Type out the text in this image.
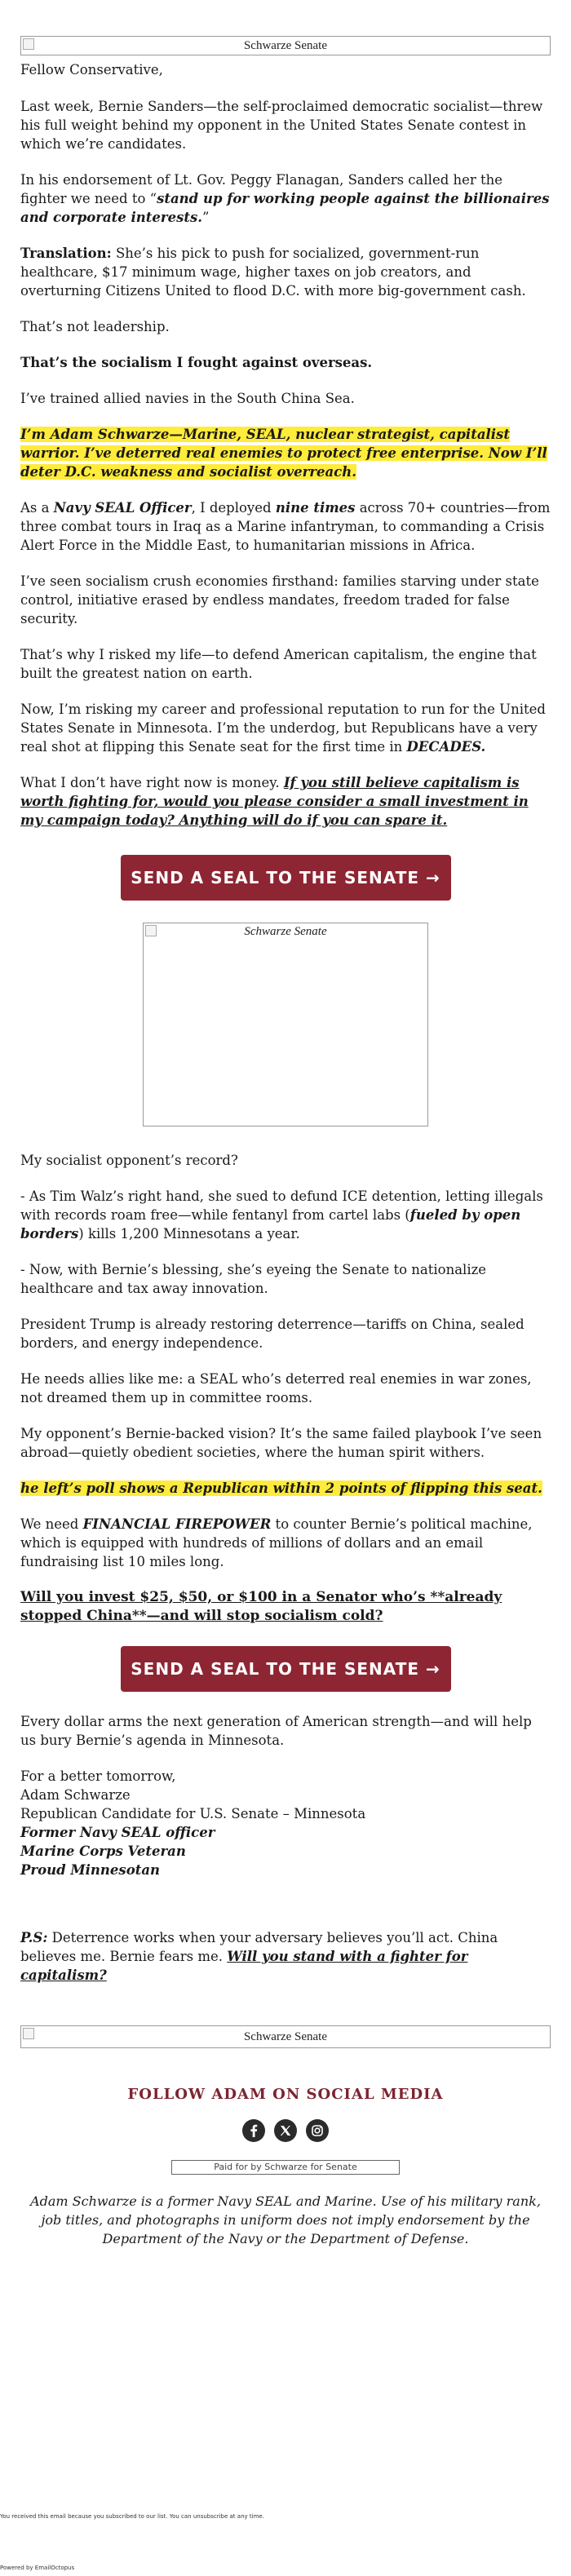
Schwarze Senate

Fellow Conservative,

Last week, Bernie Sanders—the self-proclaimed democratic socialist—threw his full weight behind my opponent in the United States Senate contest in which we’re candidates.

In his endorsement of Lt. Gov. Peggy Flanagan, Sanders called her the fighter we need to “stand up for working people against the billionaires and corporate interests.”

Translation: She’s his pick to push for socialized, government-run healthcare, $17 minimum wage, higher taxes on job creators, and overturning Citizens United to flood D.C. with more big-government cash.

That’s not leadership.

That’s the socialism I fought against overseas.

I’ve trained allied navies in the South China Sea.

I’m Adam Schwarze—Marine, SEAL, nuclear strategist, capitalist warrior. I’ve deterred real enemies to protect free enterprise. Now I’ll deter D.C. weakness and socialist overreach.

As a Navy SEAL Officer, I deployed nine times across 70+ countries—from three combat tours in Iraq as a Marine infantryman, to commanding a Crisis Alert Force in the Middle East, to humanitarian missions in Africa.

I’ve seen socialism crush economies firsthand: families starving under state control, initiative erased by endless mandates, freedom traded for false security.

That’s why I risked my life—to defend American capitalism, the engine that built the greatest nation on earth.

Now, I’m risking my career and professional reputation to run for the United States Senate in Minnesota. I’m the underdog, but Republicans have a very real shot at flipping this Senate seat for the first time in DECADES.

What I don’t have right now is money. If you still believe capitalism is worth fighting for, would you please consider a small investment in my campaign today? Anything will do if you can spare it.

SEND A SEAL TO THE SENATE →
Schwarze Senate

My socialist opponent’s record?

- As Tim Walz’s right hand, she sued to defund ICE detention, letting illegals with records roam free—while fentanyl from cartel labs (fueled by open borders) kills 1,200 Minnesotans a year.

- Now, with Bernie’s blessing, she’s eyeing the Senate to nationalize healthcare and tax away innovation.

President Trump is already restoring deterrence—tariffs on China, sealed borders, and energy independence.

He needs allies like me: a SEAL who’s deterred real enemies in war zones, not dreamed them up in committee rooms.

My opponent’s Bernie-backed vision? It’s the same failed playbook I’ve seen abroad—quietly obedient societies, where the human spirit withers.

he left’s poll shows a Republican within 2 points of flipping this seat.

We need FINANCIAL FIREPOWER to counter Bernie’s political machine, which is equipped with hundreds of millions of dollars and an email fundraising list 10 miles long.

Will you invest $25, $50, or $100 in a Senator who’s **already stopped China**—and will stop socialism cold?

SEND A SEAL TO THE SENATE →

Every dollar arms the next generation of American strength—and will help us bury Bernie’s agenda in Minnesota.

For a better tomorrow,

Adam Schwarze

Republican Candidate for U.S. Senate – Minnesota

Former Navy SEAL officer

Marine Corps Veteran

Proud Minnesotan

P.S: Deterrence works when your adversary believes you’ll act. China believes me. Bernie fears me. Will you stand with a fighter for capitalism?

Schwarze Senate
FOLLOW ADAM ON SOCIAL MEDIA

Paid for by Schwarze for Senate
Adam Schwarze is a former Navy SEAL and Marine. Use of his military rank, job titles, and photographs in uniform does not imply endorsement by the Department of the Navy or the Department of Defense.
You received this email because you subscribed to our list. You can unsubscribe at any time.
Powered by EmailOctopus
